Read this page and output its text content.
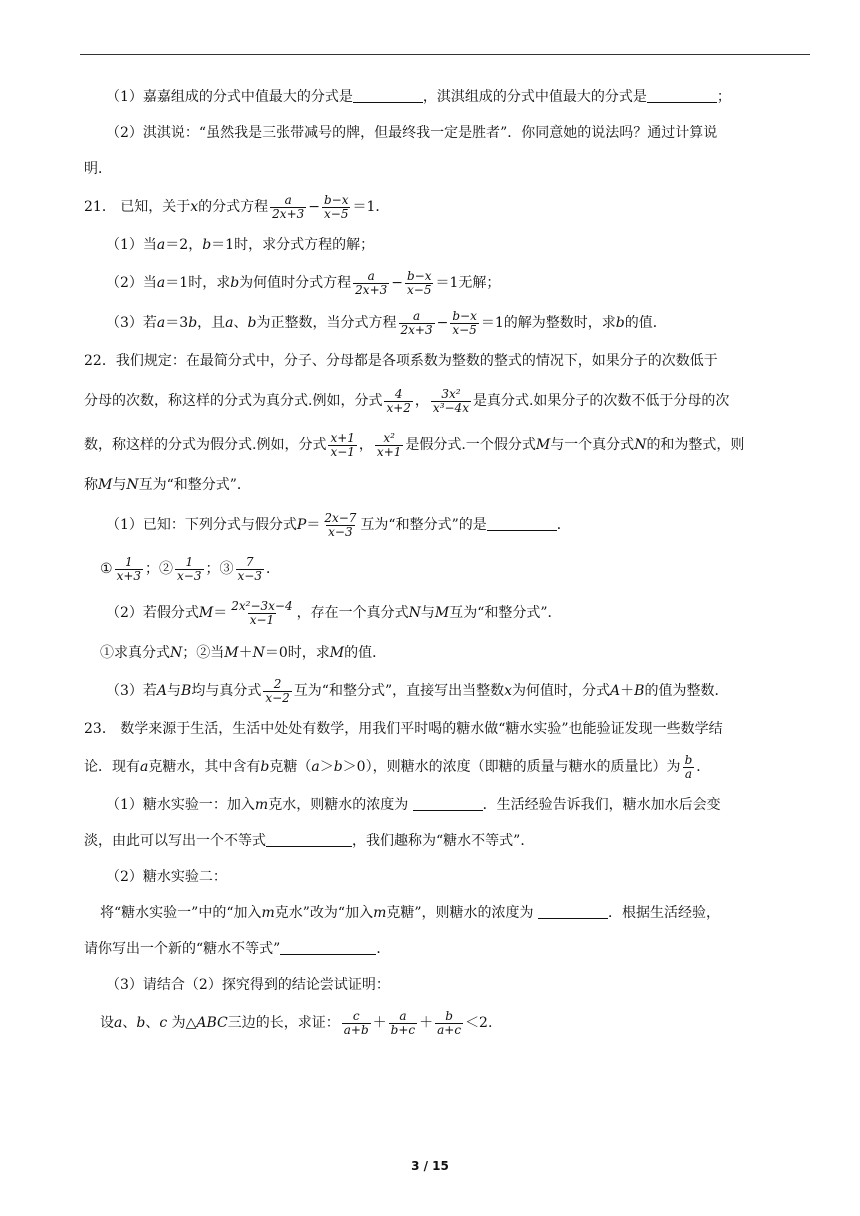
（1）嘉嘉组成的分式中值最大的分式是	，淇淇组成的分式中值最大的分式是	；
（2）淇淇说：“虽然我是三张带减号的牌，但最终我一定是胜者”．你同意她的说法吗？通过计算说
明．
21． 已知，关于x的分式方程 $\frac{a}{2x+3} - \frac{b-x}{x-5} =1$．
（1）当a＝2，b＝1时，求分式方程的解；
（2）当a＝1时，求b为何值时分式方程 $\frac{a}{2x+3} - \frac{b-x}{x-5} =1$无解；
（3）若a＝3b，且a、b为正整数，当分式方程 $\frac{a}{2x+3} - \frac{b-x}{x-5} =1$的解为整数时，求b的值．
22．我们规定：在最简分式中，分子、分母都是各项系数为整数的整式的情况下，如果分子的次数低于
分母的次数，称这样的分式为真分式.例如，分式 $\frac{4}{x+2}$ ， $\frac{\text{3x²}}{\text{x³−4x}}$ 是真分式.如果分子的次数不低于分母的次
数，称这样的分式为假分式.例如，分式 $\frac{x+1}{x-1}$ ， $\frac{\text{x²}}{x+1}$ 是假分式.一个假分式M与一个真分式N的和为整式，则
称M与N互为“和整分式”．
（1）已知：下列分式与假分式$P= \frac{2x-7}{x-3}$ 互为“和整分式”的是	．
① $\frac{1}{x+3}$ ；② $\frac{1}{x-3}$ ；③ $\frac{7}{x-3}$ ．
（2）若假分式$M= \frac{\text{2x²−3x−4}}{x-1}$ ，存在一个真分式N与M互为“和整分式”．
①求真分式N；②当M＋N＝0时，求M的值．
（3）若A与B均与真分式 $\frac{2}{x-2}$ 互为“和整分式”，直接写出当整数x为何值时，分式A＋B的值为整数．
23． 数学来源于生活，生活中处处有数学，用我们平时喝的糖水做“糖水实验”也能验证发现一些数学结
论．现有a克糖水，其中含有b克糖（a＞b＞0），则糖水的浓度（即糖的质量与糖水的质量比）为 $\frac{b}{a}$ ．
（1）糖水实验一：加入m克水，则糖水的浓度为	．生活经验告诉我们，糖水加水后会变
淡，由此可以写出一个不等式	，我们趣称为“糖水不等式”．
（2）糖水实验二：
将“糖水实验一”中的“加入m克水”改为“加入m克糖”，则糖水的浓度为	．根据生活经验，
请你写出一个新的“糖水不等式”	．
（3）请结合（2）探究得到的结论尝试证明：
设a、b、c 为△ABC三边的长，求证： $\frac{c}{a+b} + \frac{a}{b+c} + \frac{b}{a+c} <2$.
3 / 15
